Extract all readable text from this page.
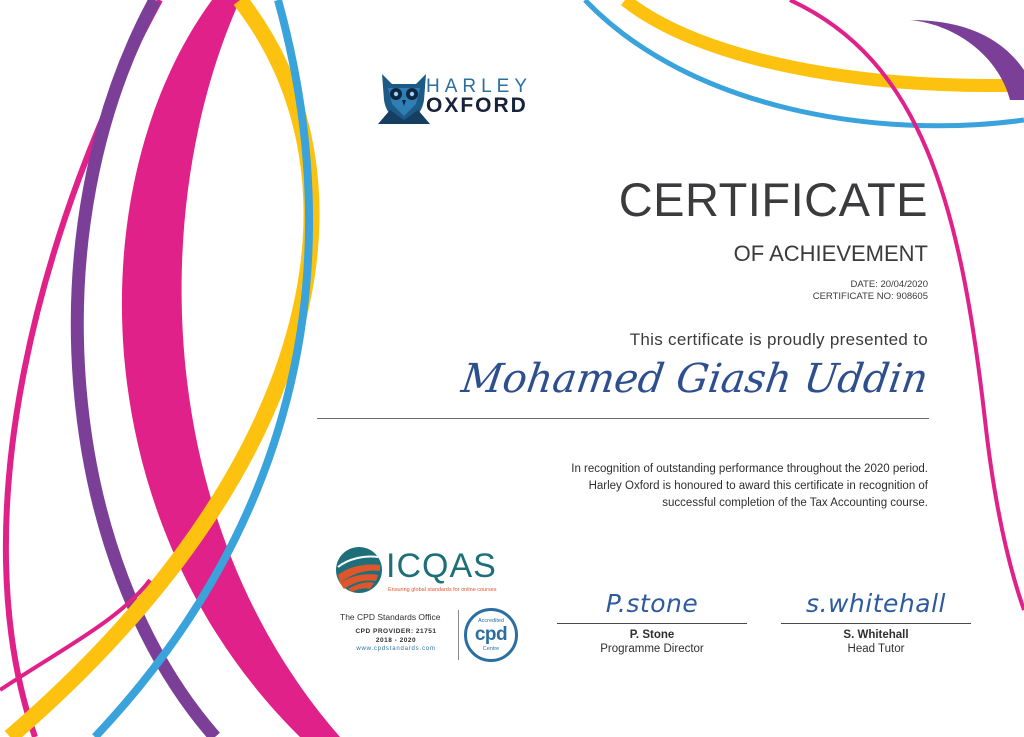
HARLEY
OXFORD
CERTIFICATE
OF ACHIEVEMENT
DATE: 20/04/2020
CERTIFICATE NO: 908605
This certificate is proudly presented to
Mohamed Giash Uddin
In recognition of outstanding performance throughout the 2020 period.
Harley Oxford is honoured to award this certificate in recognition of
successful completion of the Tax Accounting course.
ICQAS
Ensuring global standards for online courses
The CPD Standards Office
CPD PROVIDER: 21751
2018 - 2020
www.cpdstandards.com
Accredited
cpd
Centre
P.stone
P. Stone
Programme Director
s.whitehall
S. Whitehall
Head Tutor
